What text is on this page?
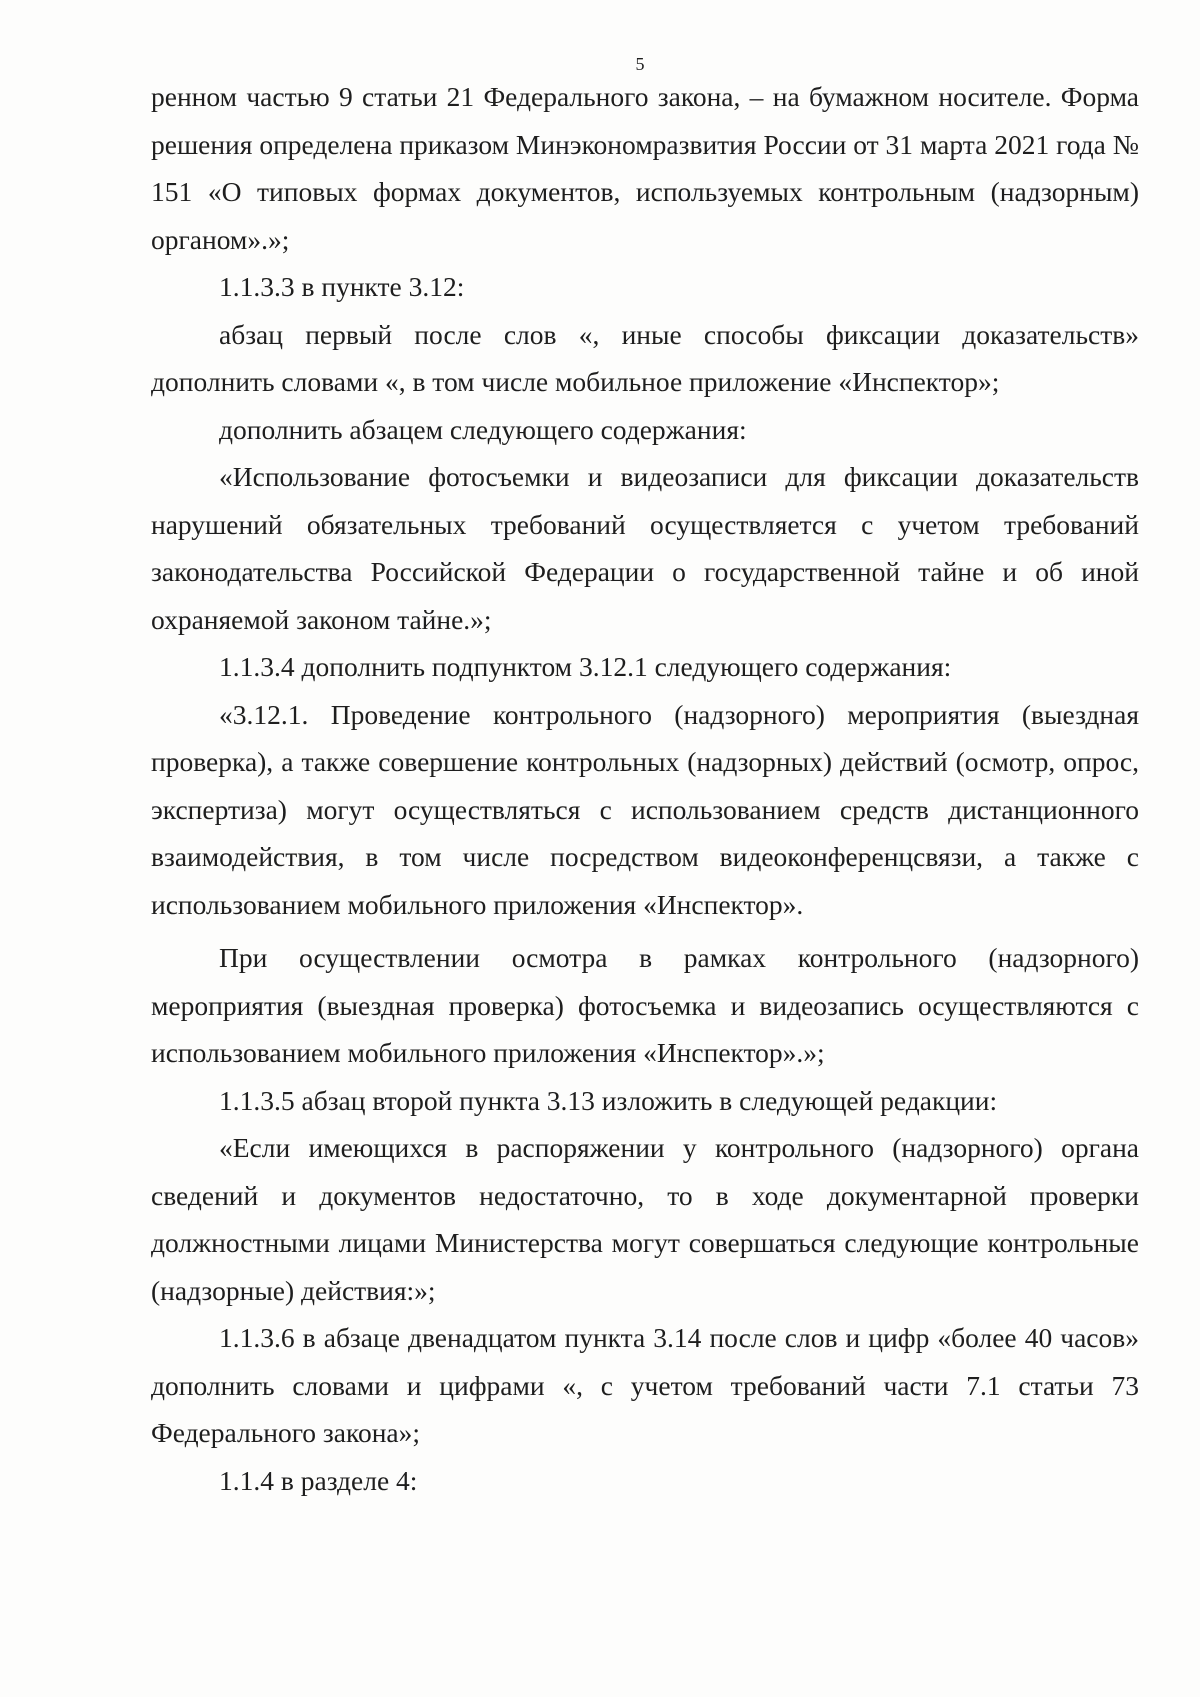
5

ренном частью 9 статьи 21 Федерального закона, – на бумажном носителе. Форма решения определена приказом Минэкономразвития России от 31 марта 2021 года № 151 «О типовых формах документов, используемых контрольным (надзорным) органом».»;

1.1.3.3 в пункте 3.12:

абзац первый после слов «, иные способы фиксации доказательств» дополнить словами «, в том числе мобильное приложение «Инспектор»;

дополнить абзацем следующего содержания:

«Использование фотосъемки и видеозаписи для фиксации доказательств нарушений обязательных требований осуществляется с учетом требований законодательства Российской Федерации о государственной тайне и об иной охраняемой законом тайне.»;

1.1.3.4 дополнить подпунктом 3.12.1 следующего содержания:

«3.12.1. Проведение контрольного (надзорного) мероприятия (выездная проверка), а также совершение контрольных (надзорных) действий (осмотр, опрос, экспертиза) могут осуществляться с использованием средств дистанционного взаимодействия, в том числе посредством видеоконференцсвязи, а также с использованием мобильного приложения «Инспектор».

При осуществлении осмотра в рамках контрольного (надзорного) мероприятия (выездная проверка) фотосъемка и видеозапись осуществляются с использованием мобильного приложения «Инспектор».»;

1.1.3.5 абзац второй пункта 3.13 изложить в следующей редакции:

«Если имеющихся в распоряжении у контрольного (надзорного) органа сведений и документов недостаточно, то в ходе документарной проверки должностными лицами Министерства могут совершаться следующие контрольные (надзорные) действия:»;

1.1.3.6 в абзаце двенадцатом пункта 3.14 после слов и цифр «более 40 часов» дополнить словами и цифрами «, с учетом требований части 7.1 статьи 73 Федерального закона»;

1.1.4 в разделе 4:
